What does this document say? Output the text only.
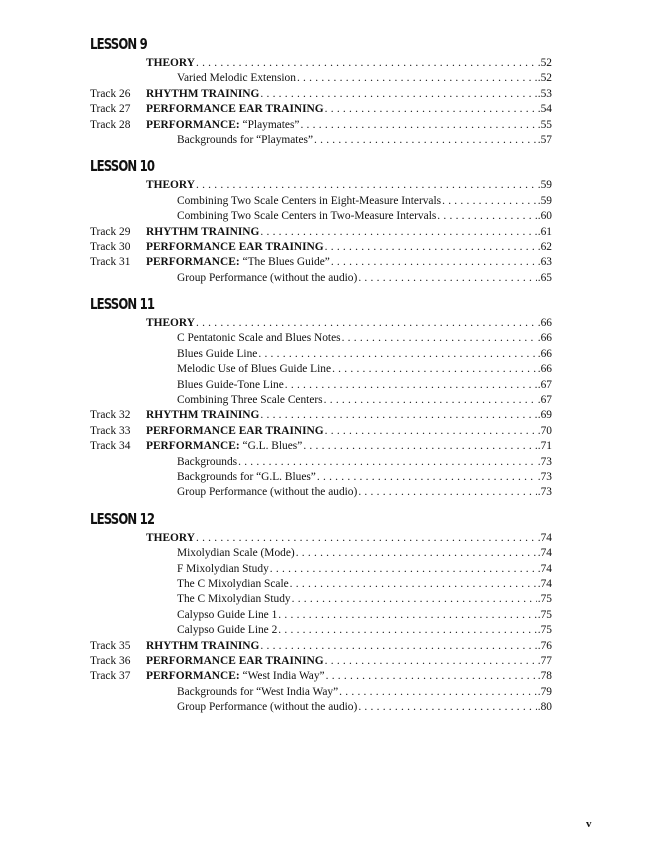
LESSON 9
THEORY . . .	.52
Varied Melodic Extension . . .	.52
Track 26	RHYTHM TRAINING . . .	.53
Track 27	PERFORMANCE EAR TRAINING . . .	.54
Track 28	PERFORMANCE: “Playmates” . . .	.55
Backgrounds for “Playmates” . . .	.57
LESSON 10
THEORY . . .	.59
Combining Two Scale Centers in Eight-Measure Intervals . . .	.59
Combining Two Scale Centers in Two-Measure Intervals . . .	.60
Track 29	RHYTHM TRAINING . . .	.61
Track 30	PERFORMANCE EAR TRAINING . . .	.62
Track 31	PERFORMANCE: “The Blues Guide” . . .	.63
Group Performance (without the audio) . . .	.65
LESSON 11
THEORY . . .	.66
C Pentatonic Scale and Blues Notes . . .	.66
Blues Guide Line . . .	.66
Melodic Use of Blues Guide Line . . .	.66
Blues Guide-Tone Line . . .	.67
Combining Three Scale Centers . . .	.67
Track 32	RHYTHM TRAINING . . .	.69
Track 33	PERFORMANCE EAR TRAINING . . .	.70
Track 34	PERFORMANCE: “G.L. Blues” . . .	.71
Backgrounds . . .	.73
Backgrounds for “G.L. Blues” . . .	.73
Group Performance (without the audio) . . .	.73
LESSON 12
THEORY . . .	.74
Mixolydian Scale (Mode) . . .	.74
F Mixolydian Study . . .	.74
The C Mixolydian Scale . . .	.74
The C Mixolydian Study . . .	.75
Calypso Guide Line 1 . . .	.75
Calypso Guide Line 2 . . .	.75
Track 35	RHYTHM TRAINING . . .	.76
Track 36	PERFORMANCE EAR TRAINING . . .	.77
Track 37	PERFORMANCE: “West India Way” . . .	.78
Backgrounds for “West India Way” . . .	.79
Group Performance (without the audio) . . .	.80
v
